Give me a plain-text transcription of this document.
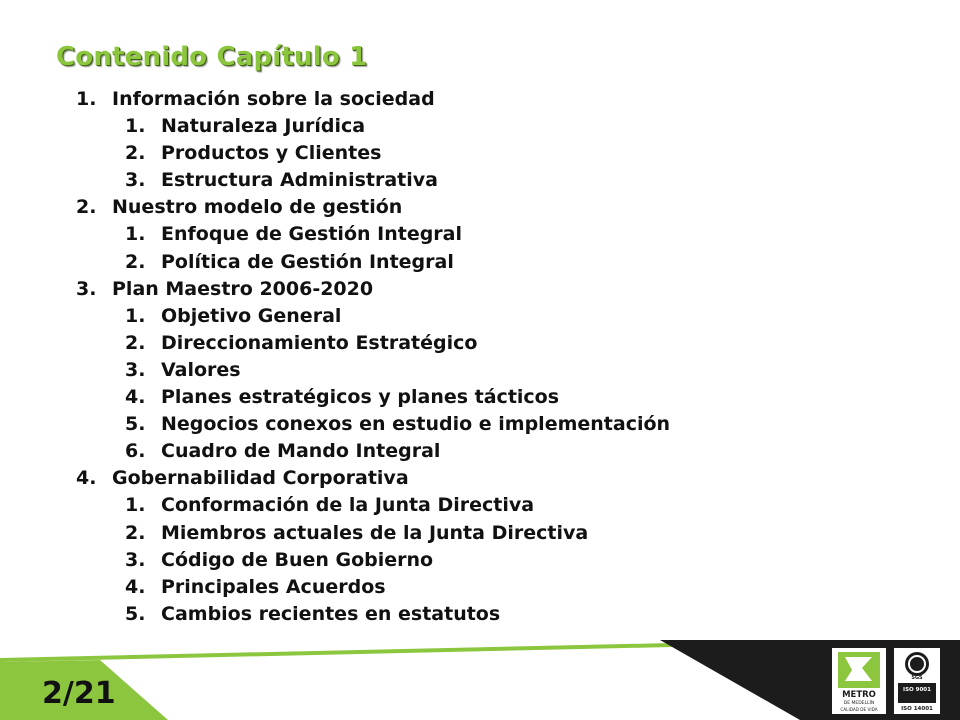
Contenido Capítulo 1
1. Información sobre la sociedad
1. Naturaleza Jurídica
2. Productos y Clientes
3. Estructura Administrativa
2. Nuestro modelo de gestión
1. Enfoque de Gestión Integral
2. Política de Gestión Integral
3. Plan Maestro 2006-2020
1. Objetivo General
2. Direccionamiento Estratégico
3. Valores
4. Planes estratégicos y planes tácticos
5. Negocios conexos en estudio e implementación
6. Cuadro de Mando Integral
4. Gobernabilidad Corporativa
1. Conformación de la Junta Directiva
2. Miembros actuales de la Junta Directiva
3. Código de Buen Gobierno
4. Principales Acuerdos
5. Cambios recientes en estatutos
2/21	METRO
DE MEDELLÍN
CALIDAD DE VIDA
SGS
ISO 9001
ISO 14001
